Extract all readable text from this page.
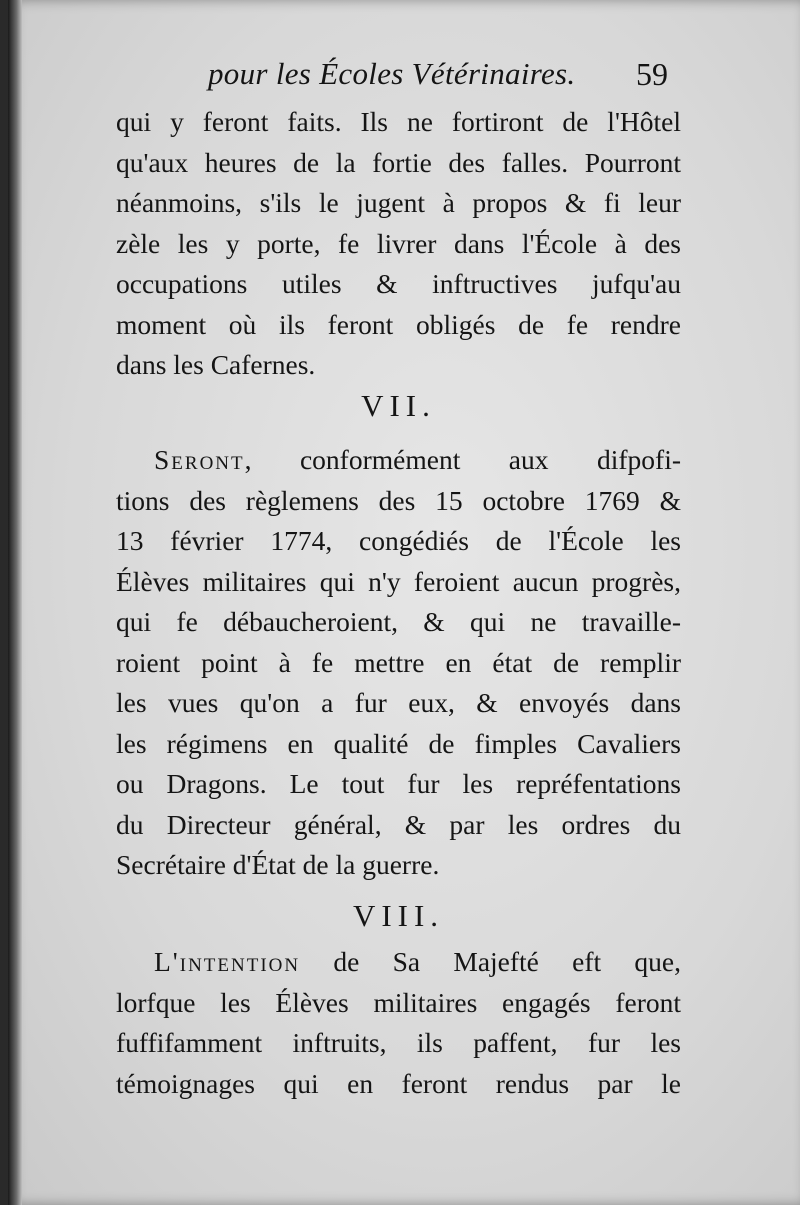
pour les Écoles Vétérinaires. 59
qui y feront faits. Ils ne fortiront de l'Hôtel
qu'aux heures de la fortie des falles. Pourront
néanmoins, s'ils le jugent à propos & fi leur
zèle les y porte, fe livrer dans l'École à des
occupations utiles & inftructives jufqu'au
moment où ils feront obligés de fe rendre
dans les Cafernes.
VII.
Seront, conformément aux difpofi-
tions des règlemens des 15 octobre 1769 &
13 février 1774, congédiés de l'École les
Élèves militaires qui n'y feroient aucun progrès,
qui fe débaucheroient, & qui ne travaille-
roient point à fe mettre en état de remplir
les vues qu'on a fur eux, & envoyés dans
les régimens en qualité de fimples Cavaliers
ou Dragons. Le tout fur les repréfentations
du Directeur général, & par les ordres du
Secrétaire d'État de la guerre.
VIII.
L'intention de Sa Majefté eft que,
lorfque les Élèves militaires engagés feront
fuffifamment inftruits, ils paffent, fur les
témoignages qui en feront rendus par le
